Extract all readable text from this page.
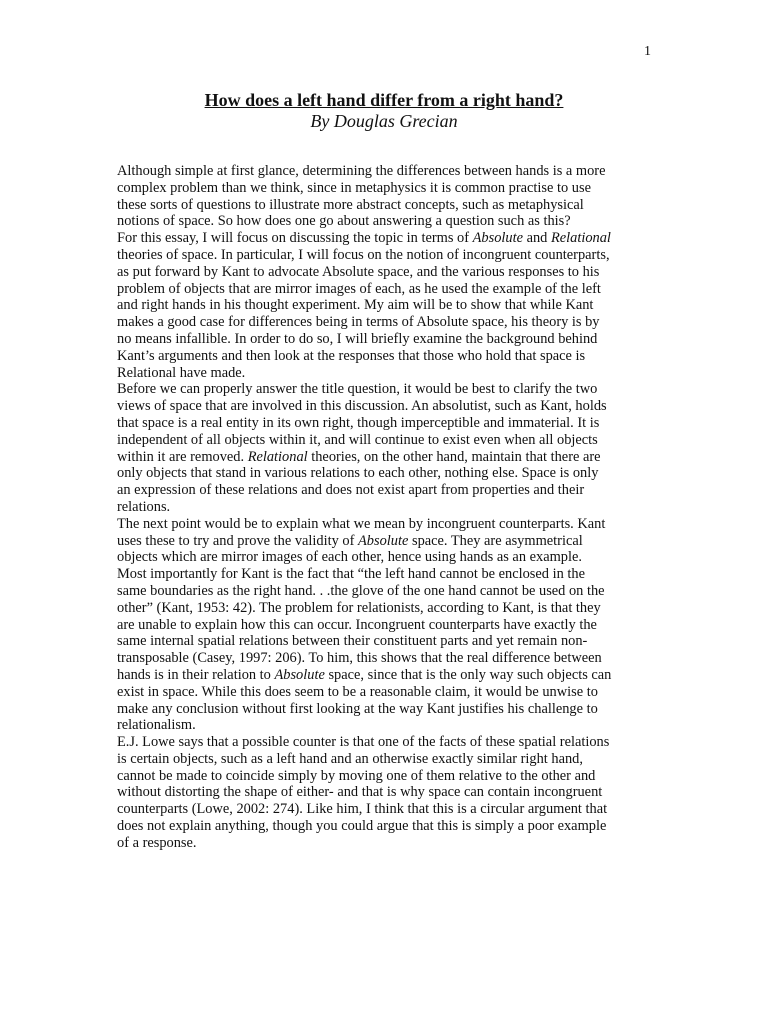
1
How does a left hand differ from a right hand?
By Douglas Grecian

Although simple at first glance, determining the differences between hands is a more
complex problem than we think, since in metaphysics it is common practise to use
these sorts of questions to illustrate more abstract concepts, such as metaphysical
notions of space. So how does one go about answering a question such as this?

For this essay, I will focus on discussing the topic in terms of Absolute and Relational
theories of space. In particular, I will focus on the notion of incongruent counterparts,
as put forward by Kant to advocate Absolute space, and the various responses to his
problem of objects that are mirror images of each, as he used the example of the left
and right hands in his thought experiment. My aim will be to show that while Kant
makes a good case for differences being in terms of Absolute space, his theory is by
no means infallible. In order to do so, I will briefly examine the background behind
Kant’s arguments and then look at the responses that those who hold that space is
Relational have made.

Before we can properly answer the title question, it would be best to clarify the two
views of space that are involved in this discussion. An absolutist, such as Kant, holds
that space is a real entity in its own right, though imperceptible and immaterial. It is
independent of all objects within it, and will continue to exist even when all objects
within it are removed. Relational theories, on the other hand, maintain that there are
only objects that stand in various relations to each other, nothing else. Space is only
an expression of these relations and does not exist apart from properties and their
relations.

The next point would be to explain what we mean by incongruent counterparts. Kant
uses these to try and prove the validity of Absolute space. They are asymmetrical
objects which are mirror images of each other, hence using hands as an example.
Most importantly for Kant is the fact that “the left hand cannot be enclosed in the
same boundaries as the right hand. . .the glove of the one hand cannot be used on the
other” (Kant, 1953: 42). The problem for relationists, according to Kant, is that they
are unable to explain how this can occur. Incongruent counterparts have exactly the
same internal spatial relations between their constituent parts and yet remain non-
transposable (Casey, 1997: 206). To him, this shows that the real difference between
hands is in their relation to Absolute space, since that is the only way such objects can
exist in space. While this does seem to be a reasonable claim, it would be unwise to
make any conclusion without first looking at the way Kant justifies his challenge to
relationalism.

E.J. Lowe says that a possible counter is that one of the facts of these spatial relations
is certain objects, such as a left hand and an otherwise exactly similar right hand,
cannot be made to coincide simply by moving one of them relative to the other and
without distorting the shape of either- and that is why space can contain incongruent
counterparts (Lowe, 2002: 274). Like him, I think that this is a circular argument that
does not explain anything, though you could argue that this is simply a poor example
of a response.
